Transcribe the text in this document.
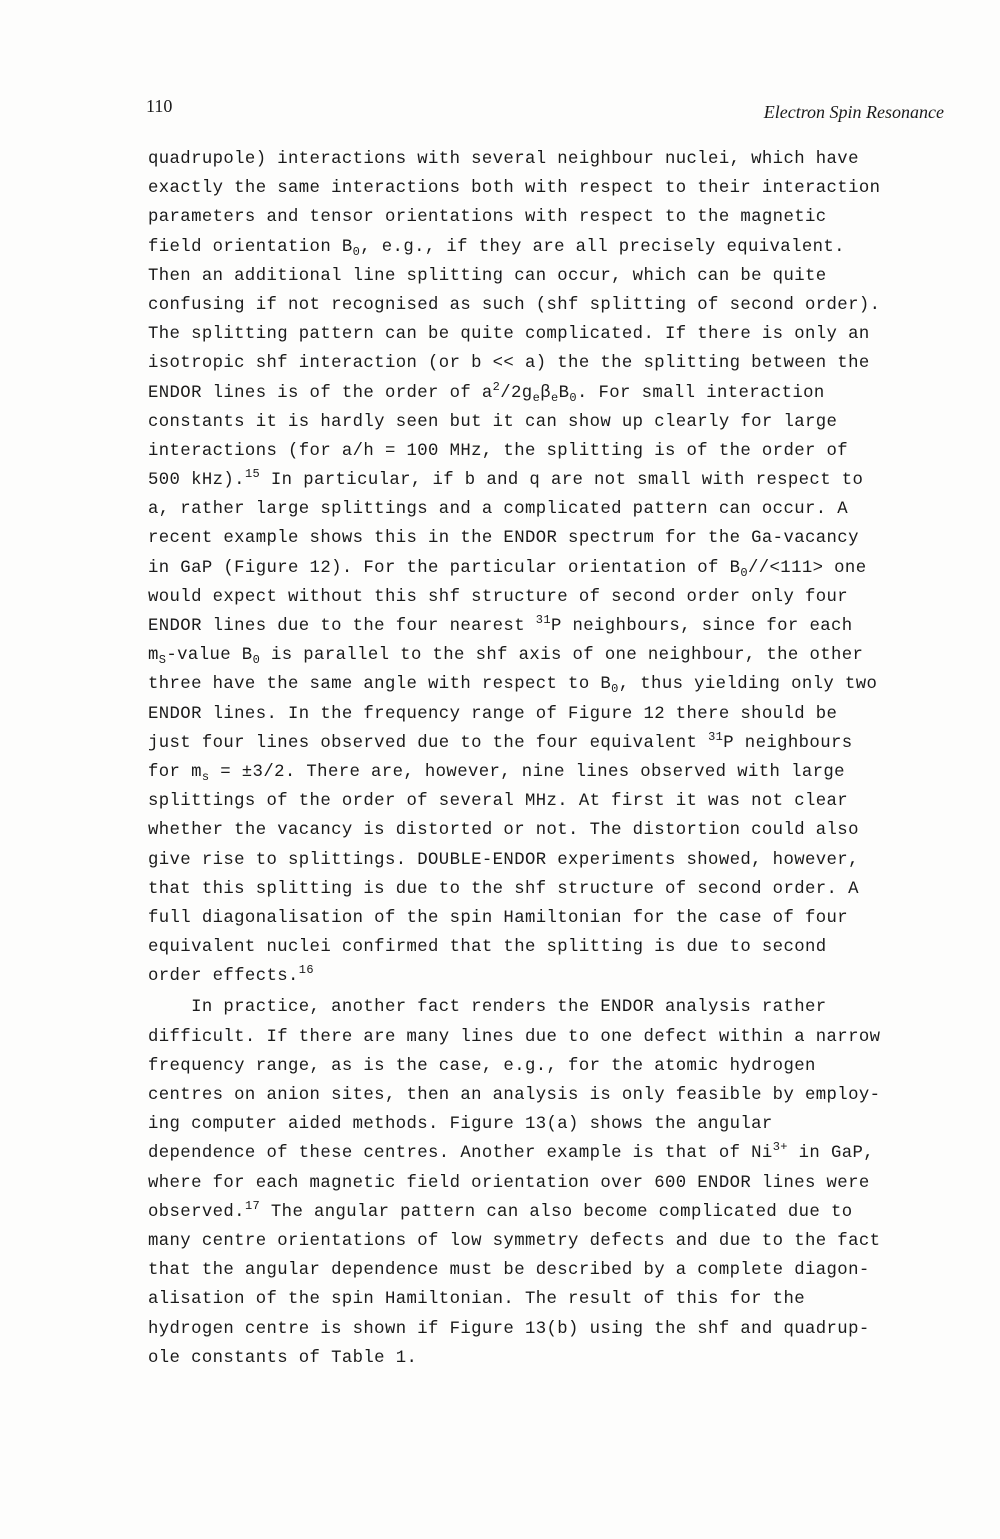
110	Electron Spin Resonance
quadrupole) interactions with several neighbour nuclei, which have
exactly the same interactions both with respect to their interaction
parameters and tensor orientations with respect to the magnetic
field orientation $B_0$, e.g., if they are all precisely equivalent.
Then an additional line splitting can occur, which can be quite
confusing if not recognised as such (shf splitting of second order).
The splitting pattern can be quite complicated. If there is only an
isotropic shf interaction (or b << a) the the splitting between the
ENDOR lines is of the order of $a^2/2g_e\beta_eB_0$. For small interaction
constants it is hardly seen but it can show up clearly for large
interactions (for a/h = 100 MHz, the splitting is of the order of
500 kHz).$^{15}$ In particular, if b and q are not small with respect to
a, rather large splittings and a complicated pattern can occur. A
recent example shows this in the ENDOR spectrum for the Ga-vacancy
in GaP (Figure 12). For the particular orientation of $B_0//<111>$ one
would expect without this shf structure of second order only four
ENDOR lines due to the four nearest $^{31}$P neighbours, since for each
$m_S$-value $B_0$ is parallel to the shf axis of one neighbour, the other
three have the same angle with respect to $B_0$, thus yielding only two
ENDOR lines. In the frequency range of Figure 12 there should be
just four lines observed due to the four equivalent $^{31}$P neighbours
for $m_s = \pm 3/2$. There are, however, nine lines observed with large
splittings of the order of several MHz. At first it was not clear
whether the vacancy is distorted or not. The distortion could also
give rise to splittings. DOUBLE-ENDOR experiments showed, however,
that this splitting is due to the shf structure of second order. A
full diagonalisation of the spin Hamiltonian for the case of four
equivalent nuclei confirmed that the splitting is due to second
order effects.$^{16}$
In practice, another fact renders the ENDOR analysis rather
difficult. If there are many lines due to one defect within a narrow
frequency range, as is the case, e.g., for the atomic hydrogen
centres on anion sites, then an analysis is only feasible by employ-
ing computer aided methods. Figure 13(a) shows the angular
dependence of these centres. Another example is that of $Ni^{3+}$ in GaP,
where for each magnetic field orientation over 600 ENDOR lines were
observed.$^{17}$ The angular pattern can also become complicated due to
many centre orientations of low symmetry defects and due to the fact
that the angular dependence must be described by a complete diagon-
alisation of the spin Hamiltonian. The result of this for the
hydrogen centre is shown if Figure 13(b) using the shf and quadrup-
ole constants of Table 1.
